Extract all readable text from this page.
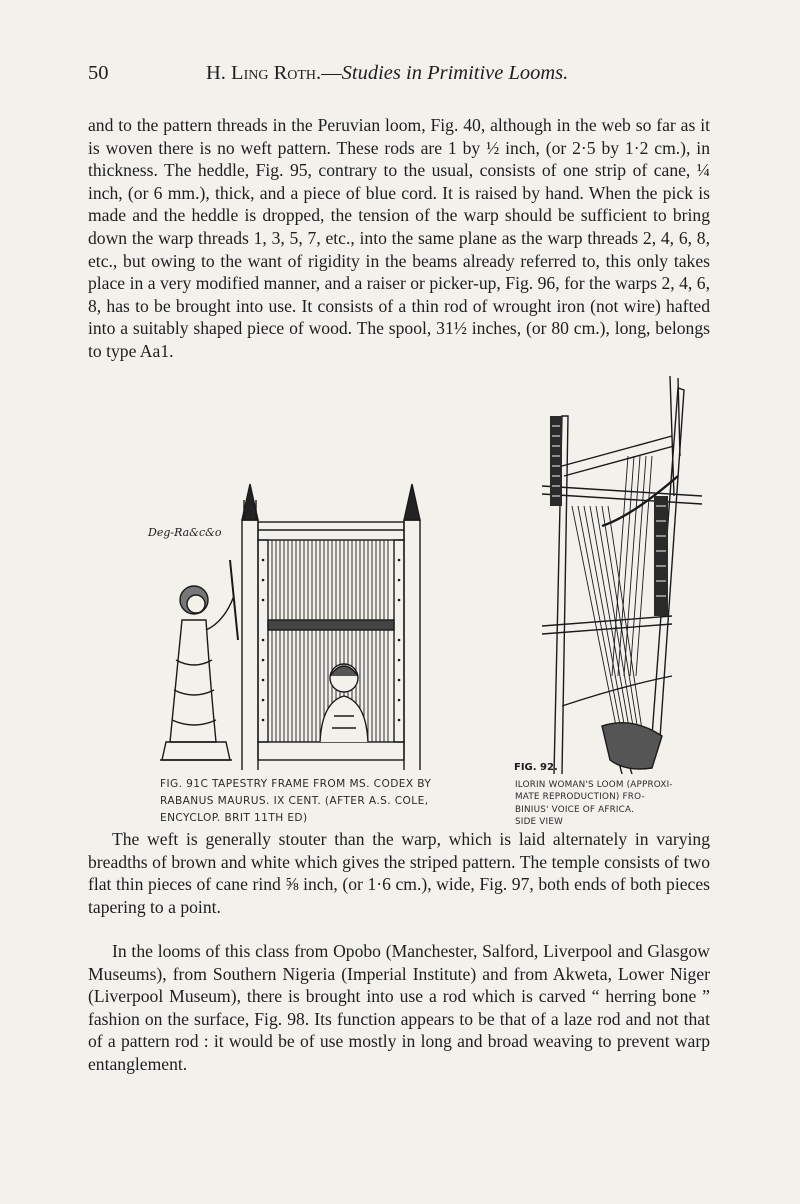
50	H. Ling Roth.—Studies in Primitive Looms.

and to the pattern threads in the Peruvian loom, Fig. 40, although in the web so far as it is woven there is no weft pattern. These rods are 1 by ½ inch, (or 2·5 by 1·2 cm.), in thickness. The heddle, Fig. 95, contrary to the usual, consists of one strip of cane, ¼ inch, (or 6 mm.), thick, and a piece of blue cord. It is raised by hand. When the pick is made and the heddle is dropped, the tension of the warp should be sufficient to bring down the warp threads 1, 3, 5, 7, etc., into the same plane as the warp threads 2, 4, 6, 8, etc., but owing to the want of rigidity in the beams already referred to, this only takes place in a very modified manner, and a raiser or picker-up, Fig. 96, for the warps 2, 4, 6, 8, has to be brought into use. It consists of a thin rod of wrought iron (not wire) hafted into a suitably shaped piece of wood. The spool, 31½ inches, (or 80 cm.), long, belongs to type Aa1.

Deg-Ra&c&o
FIG. 91C TAPESTRY FRAME FROM MS. CODEX BY
RABANUS MAURUS. IX CENT. (AFTER A.S. COLE,
ENCYCLOP. BRIT 11TH ED)
FIG. 92.
ILORIN WOMAN'S LOOM (APPROXI-
MATE REPRODUCTION) FRO-
BINIUS' VOICE OF AFRICA.
SIDE VIEW

The weft is generally stouter than the warp, which is laid alternately in varying breadths of brown and white which gives the striped pattern. The temple consists of two flat thin pieces of cane rind ⅝ inch, (or 1·6 cm.), wide, Fig. 97, both ends of both pieces tapering to a point.

In the looms of this class from Opobo (Manchester, Salford, Liverpool and Glasgow Museums), from Southern Nigeria (Imperial Institute) and from Akweta, Lower Niger (Liverpool Museum), there is brought into use a rod which is carved “ herring bone ” fashion on the surface, Fig. 98. Its function appears to be that of a laze rod and not that of a pattern rod : it would be of use mostly in long and broad weaving to prevent warp entanglement.
